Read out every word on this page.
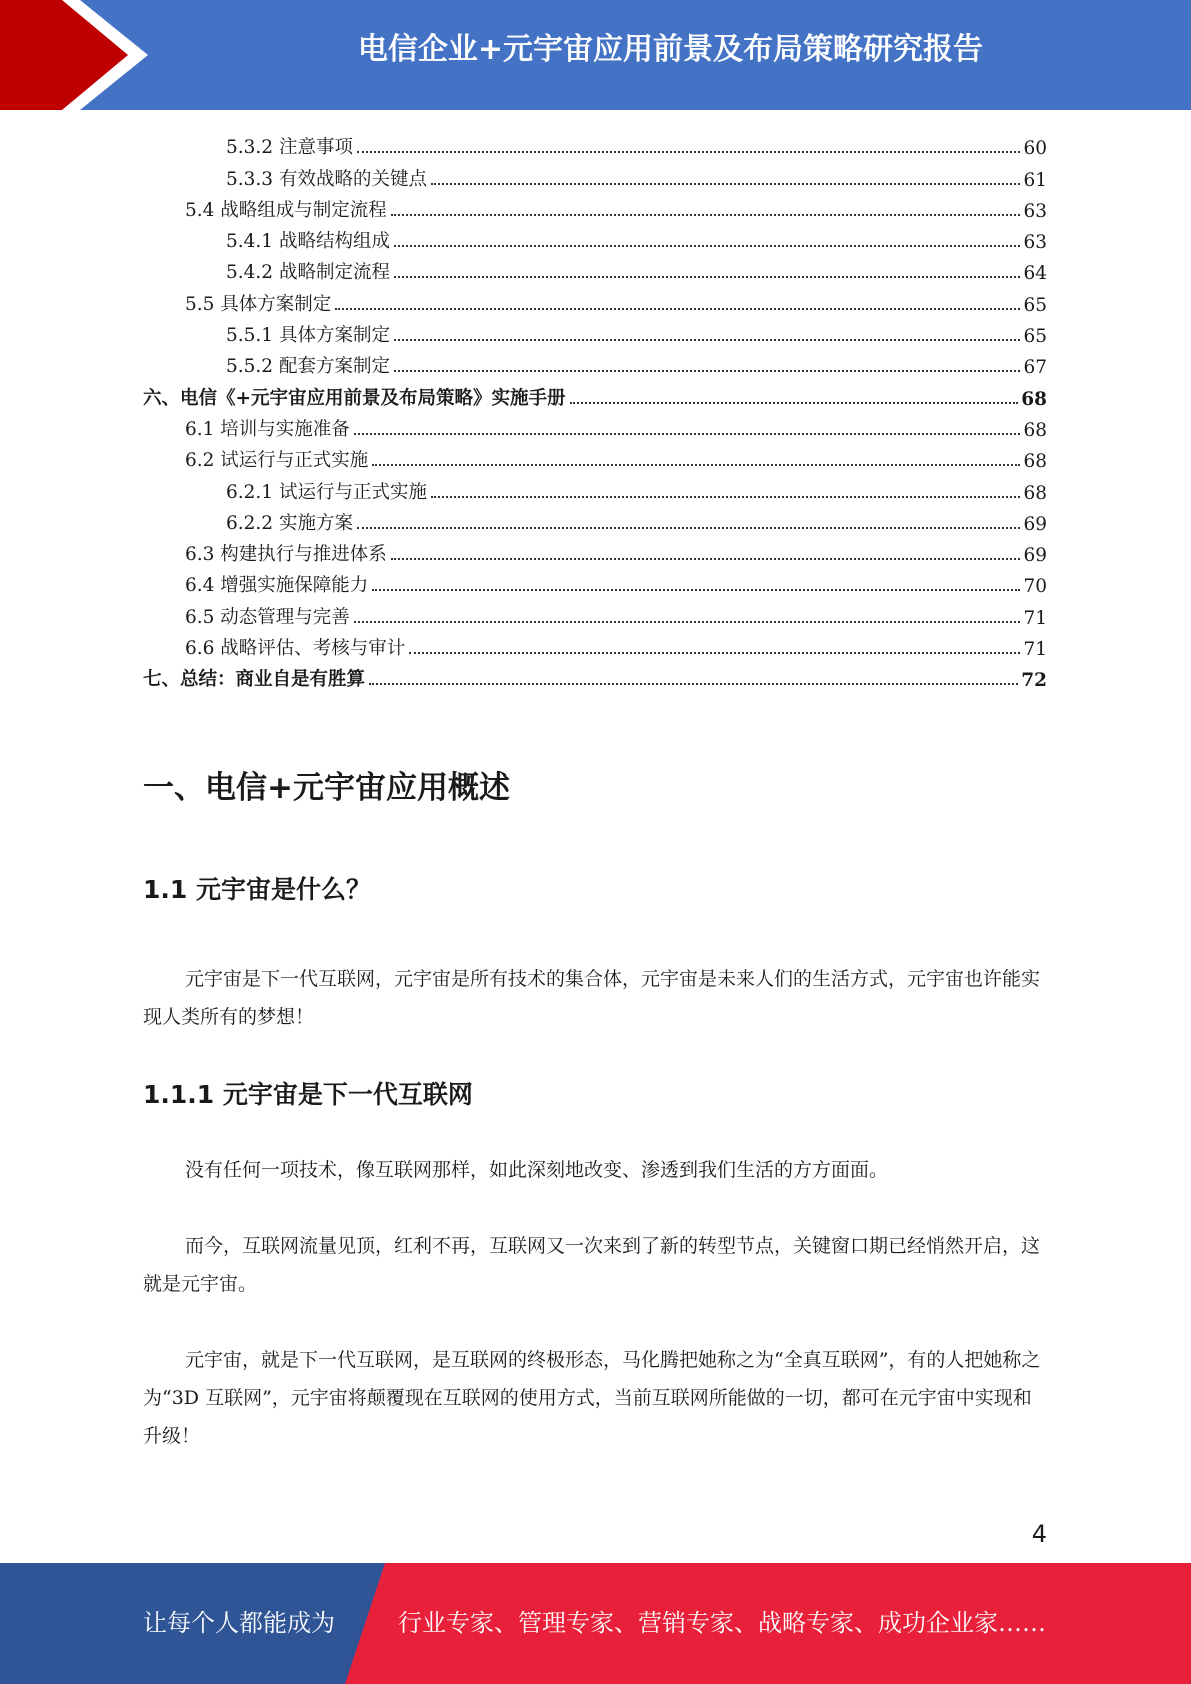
电信企业+元宇宙应用前景及布局策略研究报告
5.3.2 注意事项	60
5.3.3 有效战略的关键点	61
5.4 战略组成与制定流程	63
5.4.1 战略结构组成	63
5.4.2 战略制定流程	64
5.5 具体方案制定	65
5.5.1 具体方案制定	65
5.5.2 配套方案制定	67
六、电信《+元宇宙应用前景及布局策略》实施手册	68
6.1 培训与实施准备	68
6.2 试运行与正式实施	68
6.2.1 试运行与正式实施	68
6.2.2 实施方案	69
6.3 构建执行与推进体系	69
6.4 增强实施保障能力	70
6.5 动态管理与完善	71
6.6 战略评估、考核与审计	71
七、总结：商业自是有胜算	72
一、电信+元宇宙应用概述
1.1 元宇宙是什么？
元宇宙是下一代互联网，元宇宙是所有技术的集合体，元宇宙是未来人们的生活方式，元宇宙也许能实现人类所有的梦想！
1.1.1 元宇宙是下一代互联网
没有任何一项技术，像互联网那样，如此深刻地改变、渗透到我们生活的方方面面。
而今，互联网流量见顶，红利不再，互联网又一次来到了新的转型节点，关键窗口期已经悄然开启，这就是元宇宙。
元宇宙，就是下一代互联网，是互联网的终极形态，马化腾把她称之为“全真互联网”，有的人把她称之为“3D 互联网”，元宇宙将颠覆现在互联网的使用方式，当前互联网所能做的一切，都可在元宇宙中实现和升级！
4
让每个人都能成为	行业专家、管理专家、营销专家、战略专家、成功企业家……
